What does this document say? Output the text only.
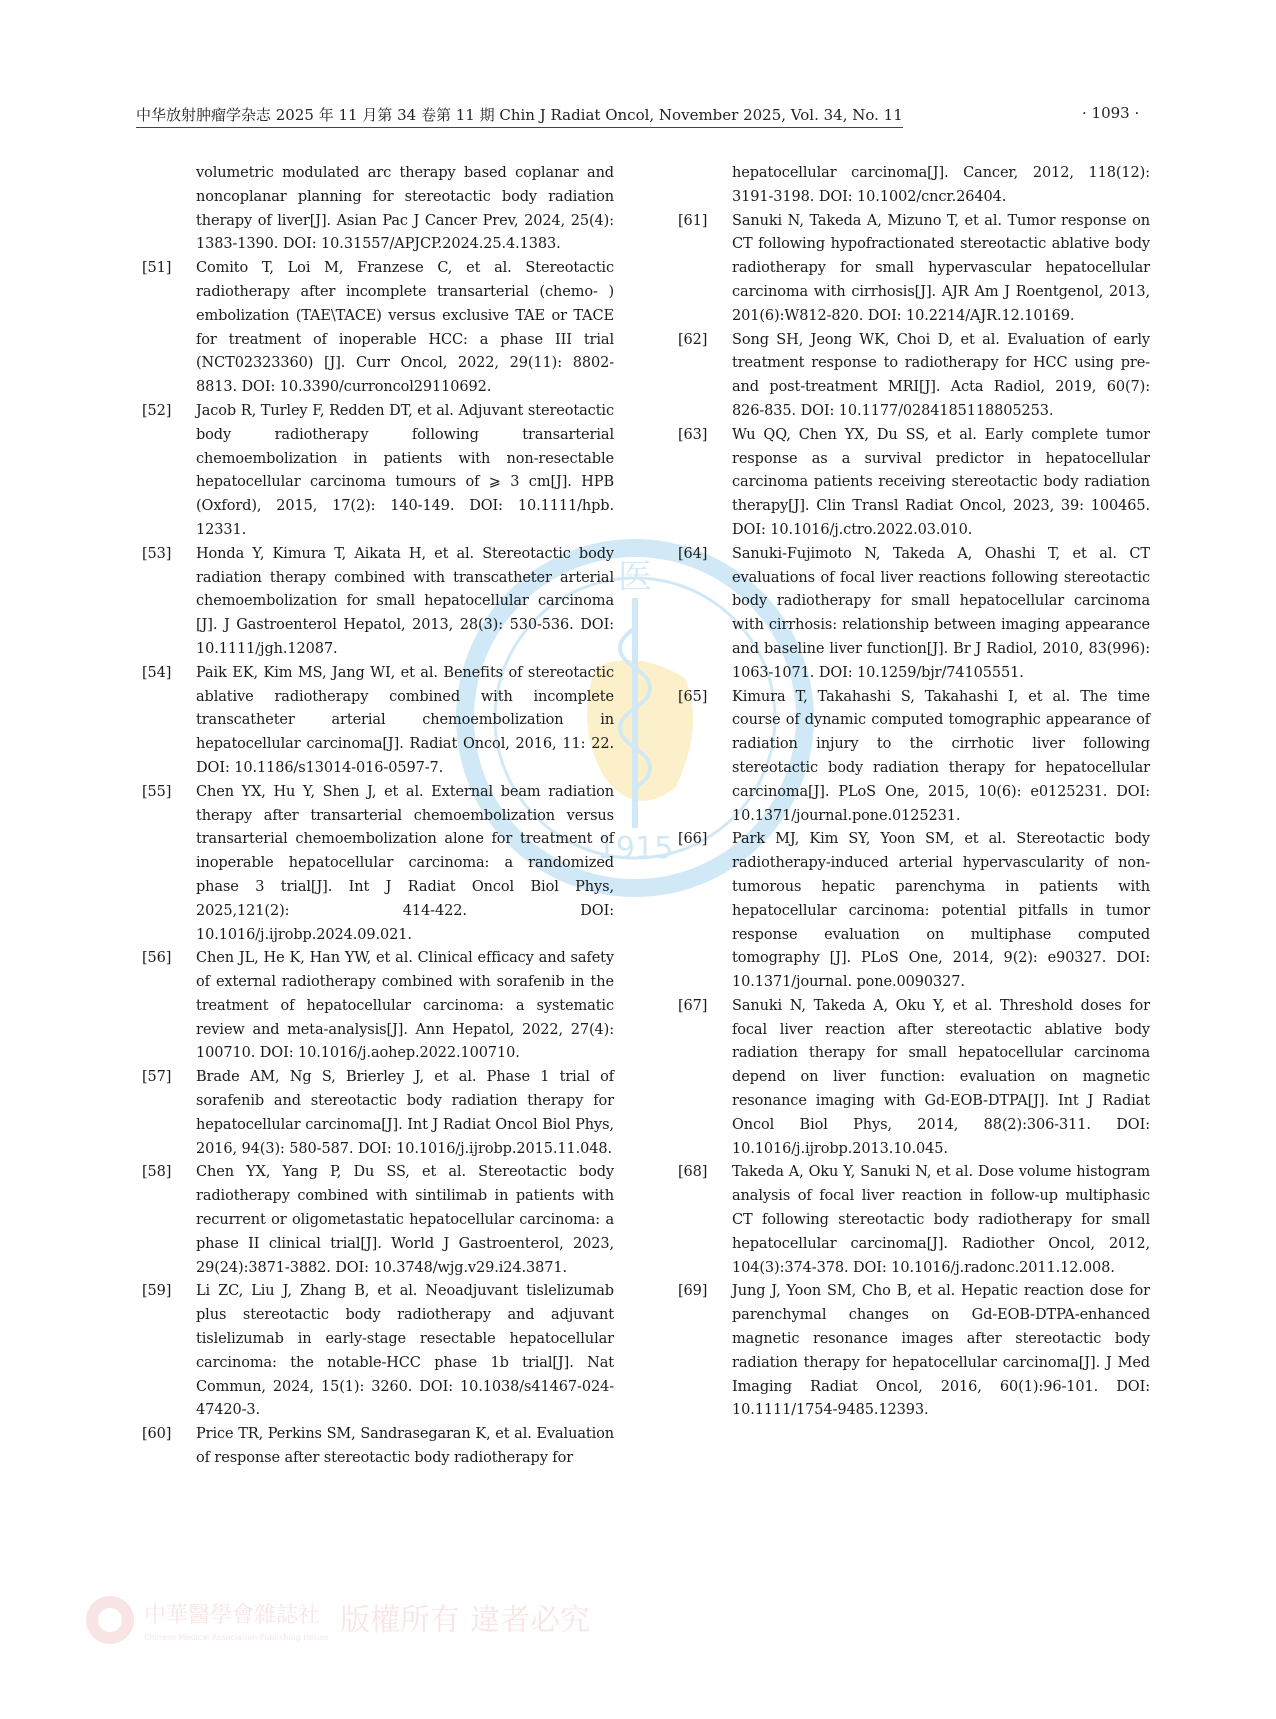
中华放射肿瘤学杂志 2025 年 11 月第 34 卷第 11 期 Chin J Radiat Oncol, November 2025, Vol. 34, No. 11	· 1093 ·
医
1915
中華醫學會雜誌社
Chinese Medical Association Publishing House 版權所有 違者必究
volumetric modulated arc therapy based coplanar and noncoplanar planning for stereotactic body radiation therapy of liver[J]. Asian Pac J Cancer Prev, 2024, 25(4): 1383-1390. DOI: 10.31557/APJCP.2024.25.4.1383.
[51]	Comito T, Loi M, Franzese C, et al. Stereotactic radiotherapy after incomplete transarterial (chemo- ) embolization (TAE\TACE) versus exclusive TAE or TACE for treatment of inoperable HCC: a phase III trial (NCT02323360) [J]. Curr Oncol, 2022, 29(11): 8802-8813. DOI: 10.3390/curroncol29110692.
[52]	Jacob R, Turley F, Redden DT, et al. Adjuvant stereotactic body radiotherapy following transarterial chemoembolization in patients with non-resectable hepatocellular carcinoma tumours of ⩾ 3 cm[J]. HPB (Oxford), 2015, 17(2): 140-149. DOI: 10.1111/hpb. 12331.
[53]	Honda Y, Kimura T, Aikata H, et al. Stereotactic body radiation therapy combined with transcatheter arterial chemoembolization for small hepatocellular carcinoma [J]. J Gastroenterol Hepatol, 2013, 28(3): 530-536. DOI: 10.1111/jgh.12087.
[54]	Paik EK, Kim MS, Jang WI, et al. Benefits of stereotactic ablative radiotherapy combined with incomplete transcatheter arterial chemoembolization in hepatocellular carcinoma[J]. Radiat Oncol, 2016, 11: 22. DOI: 10.1186/s13014-016-0597-7.
[55]	Chen YX, Hu Y, Shen J, et al. External beam radiation therapy after transarterial chemoembolization versus transarterial chemoembolization alone for treatment of inoperable hepatocellular carcinoma: a randomized phase 3 trial[J]. Int J Radiat Oncol Biol Phys, 2025,121(2): 414-422. DOI: 10.1016/j.ijrobp.2024.09.021.
[56]	Chen JL, He K, Han YW, et al. Clinical efficacy and safety of external radiotherapy combined with sorafenib in the treatment of hepatocellular carcinoma: a systematic review and meta-analysis[J]. Ann Hepatol, 2022, 27(4): 100710. DOI: 10.1016/j.aohep.2022.100710.
[57]	Brade AM, Ng S, Brierley J, et al. Phase 1 trial of sorafenib and stereotactic body radiation therapy for hepatocellular carcinoma[J]. Int J Radiat Oncol Biol Phys, 2016, 94(3): 580-587. DOI: 10.1016/j.ijrobp.2015.11.048.
[58]	Chen YX, Yang P, Du SS, et al. Stereotactic body radiotherapy combined with sintilimab in patients with recurrent or oligometastatic hepatocellular carcinoma: a phase II clinical trial[J]. World J Gastroenterol, 2023, 29(24):3871-3882. DOI: 10.3748/wjg.v29.i24.3871.
[59]	Li ZC, Liu J, Zhang B, et al. Neoadjuvant tislelizumab plus stereotactic body radiotherapy and adjuvant tislelizumab in early-stage resectable hepatocellular carcinoma: the notable-HCC phase 1b trial[J]. Nat Commun, 2024, 15(1): 3260. DOI: 10.1038/s41467-024-47420-3.
[60]	Price TR, Perkins SM, Sandrasegaran K, et al. Evaluation of response after stereotactic body radiotherapy for
hepatocellular carcinoma[J]. Cancer, 2012, 118(12): 3191-3198. DOI: 10.1002/cncr.26404.
[61]	Sanuki N, Takeda A, Mizuno T, et al. Tumor response on CT following hypofractionated stereotactic ablative body radiotherapy for small hypervascular hepatocellular carcinoma with cirrhosis[J]. AJR Am J Roentgenol, 2013, 201(6):W812-820. DOI: 10.2214/AJR.12.10169.
[62]	Song SH, Jeong WK, Choi D, et al. Evaluation of early treatment response to radiotherapy for HCC using pre- and post-treatment MRI[J]. Acta Radiol, 2019, 60(7): 826-835. DOI: 10.1177/0284185118805253.
[63]	Wu QQ, Chen YX, Du SS, et al. Early complete tumor response as a survival predictor in hepatocellular carcinoma patients receiving stereotactic body radiation therapy[J]. Clin Transl Radiat Oncol, 2023, 39: 100465. DOI: 10.1016/j.ctro.2022.03.010.
[64]	Sanuki-Fujimoto N, Takeda A, Ohashi T, et al. CT evaluations of focal liver reactions following stereotactic body radiotherapy for small hepatocellular carcinoma with cirrhosis: relationship between imaging appearance and baseline liver function[J]. Br J Radiol, 2010, 83(996): 1063-1071. DOI: 10.1259/bjr/74105551.
[65]	Kimura T, Takahashi S, Takahashi I, et al. The time course of dynamic computed tomographic appearance of radiation injury to the cirrhotic liver following stereotactic body radiation therapy for hepatocellular carcinoma[J]. PLoS One, 2015, 10(6): e0125231. DOI: 10.1371/journal.pone.0125231.
[66]	Park MJ, Kim SY, Yoon SM, et al. Stereotactic body radiotherapy-induced arterial hypervascularity of non-tumorous hepatic parenchyma in patients with hepatocellular carcinoma: potential pitfalls in tumor response evaluation on multiphase computed tomography [J]. PLoS One, 2014, 9(2): e90327. DOI: 10.1371/journal. pone.0090327.
[67]	Sanuki N, Takeda A, Oku Y, et al. Threshold doses for focal liver reaction after stereotactic ablative body radiation therapy for small hepatocellular carcinoma depend on liver function: evaluation on magnetic resonance imaging with Gd-EOB-DTPA[J]. Int J Radiat Oncol Biol Phys, 2014, 88(2):306-311. DOI: 10.1016/j.ijrobp.2013.10.045.
[68]	Takeda A, Oku Y, Sanuki N, et al. Dose volume histogram analysis of focal liver reaction in follow-up multiphasic CT following stereotactic body radiotherapy for small hepatocellular carcinoma[J]. Radiother Oncol, 2012, 104(3):374-378. DOI: 10.1016/j.radonc.2011.12.008.
[69]	Jung J, Yoon SM, Cho B, et al. Hepatic reaction dose for parenchymal changes on Gd-EOB-DTPA-enhanced magnetic resonance images after stereotactic body radiation therapy for hepatocellular carcinoma[J]. J Med Imaging Radiat Oncol, 2016, 60(1):96-101. DOI: 10.1111/1754-9485.12393.
